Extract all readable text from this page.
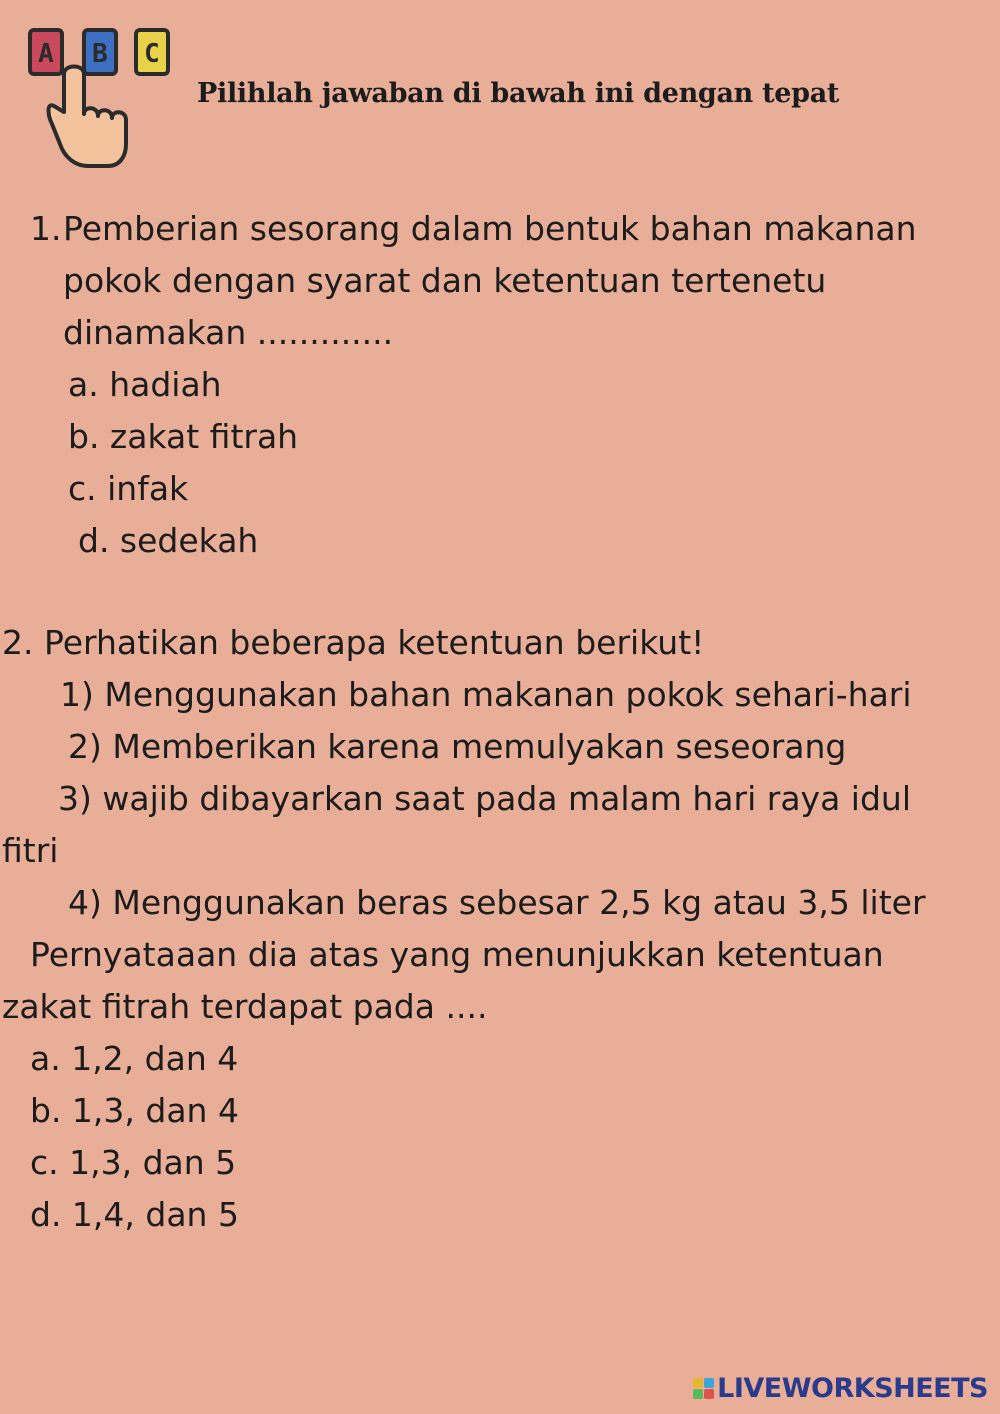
A B C
Pilihlah jawaban di bawah ini dengan tepat
1. Pemberian sesorang dalam bentuk bahan makanan
pokok dengan syarat dan ketentuan tertenetu
dinamakan .............
a. hadiah
b. zakat fitrah
c. infak
d. sedekah
2. Perhatikan beberapa ketentuan berikut!
1) Menggunakan bahan makanan pokok sehari-hari
2) Memberikan karena memulyakan seseorang
3) wajib dibayarkan saat pada malam hari raya idul
fitri
4) Menggunakan beras sebesar 2,5 kg atau 3,5 liter
Pernyataaan dia atas yang menunjukkan ketentuan
zakat fitrah terdapat pada ....
a. 1,2, dan 4
b. 1,3, dan 4
c. 1,3, dan 5
d. 1,4, dan 5
LIVEWORKSHEETS
